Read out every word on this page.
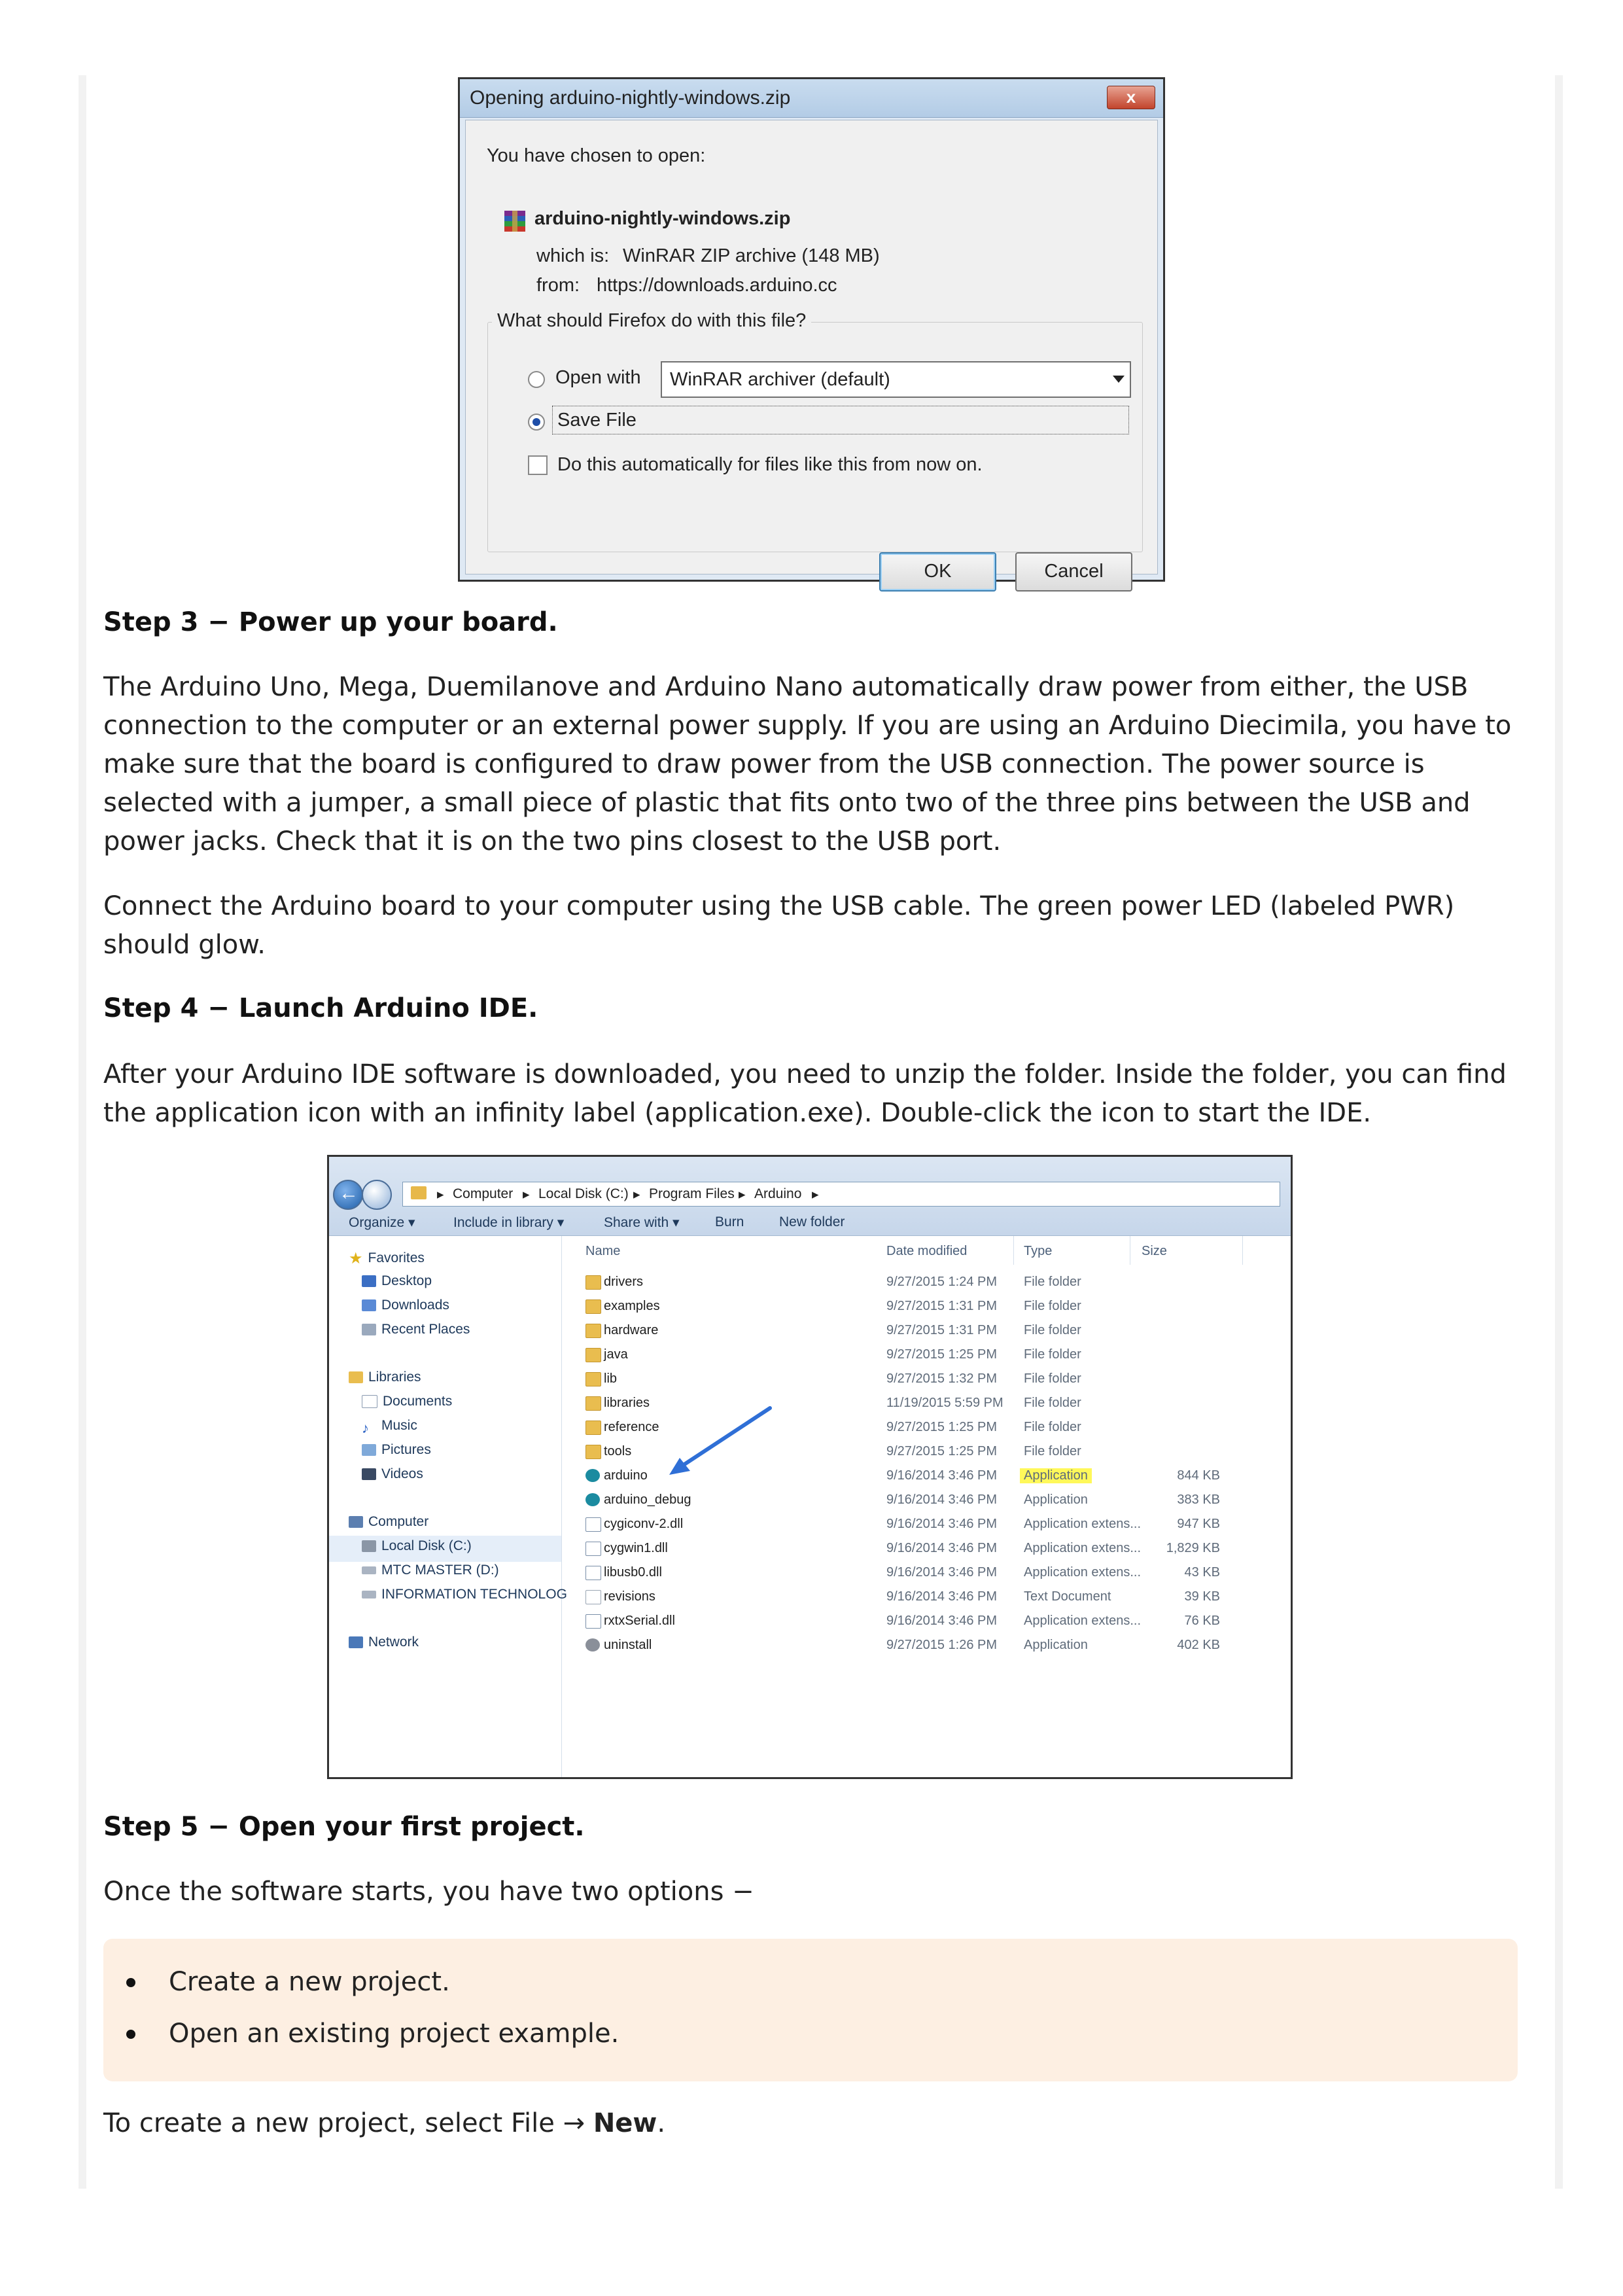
Opening arduino-nightly-windows.zip	x
You have chosen to open:
arduino-nightly-windows.zip
which is: WinRAR ZIP archive (148 MB)
from: https://downloads.arduino.cc
What should Firefox do with this file?
Open with WinRAR archiver (default)
Save File
Do this automatically for files like this from now on.
OK	Cancel

Step 3 − Power up your board.

The Arduino Uno, Mega, Duemilanove and Arduino Nano automatically draw power from either, the USB

connection to the computer or an external power supply. If you are using an Arduino Diecimila, you have to

make sure that the board is configured to draw power from the USB connection. The power source is

selected with a jumper, a small piece of plastic that fits onto two of the three pins between the USB and

power jacks. Check that it is on the two pins closest to the USB port.

Connect the Arduino board to your computer using the USB cable. The green power LED (labeled PWR)

should glow.

Step 4 − Launch Arduino IDE.

After your Arduino IDE software is downloaded, you need to unzip the folder. Inside the folder, you can find

the application icon with an infinity label (application.exe). Double-click the icon to start the IDE.

←
▸ Computer ▸ Local Disk (C:) ▸ Program Files ▸ Arduino ▸
Organize ▾	Include in library ▾	Share with ▾	Burn	New folder
★ Favorites
Desktop
Downloads
Recent Places
Libraries
Documents
♪ Music
Pictures
Videos
Computer
Local Disk (C:)
MTC MASTER (D:)
INFORMATION TECHNOLOG
Network
Name	Date modified	Type	Size
drivers	9/27/2015 1:24 PM File folder
examples	9/27/2015 1:31 PM File folder
hardware	9/27/2015 1:31 PM File folder
java	9/27/2015 1:25 PM File folder
lib	9/27/2015 1:32 PM File folder
libraries	11/19/2015 5:59 PM File folder
reference	9/27/2015 1:25 PM File folder
tools	9/27/2015 1:25 PM File folder
arduino	9/16/2014 3:46 PM	Application	844 KB
arduino_debug	9/16/2014 3:46 PM Application	383 KB
cygiconv-2.dll	9/16/2014 3:46 PM Application extens...	947 KB
cygwin1.dll	9/16/2014 3:46 PM Application extens...	1,829 KB
libusb0.dll	9/16/2014 3:46 PM Application extens...	43 KB
revisions	9/16/2014 3:46 PM Text Document	39 KB
rxtxSerial.dll	9/16/2014 3:46 PM Application extens...	76 KB
uninstall	9/27/2015 1:26 PM Application	402 KB

Step 5 − Open your first project.

Once the software starts, you have two options −

Create a new project.
Open an existing project example.

To create a new project, select File → New.
